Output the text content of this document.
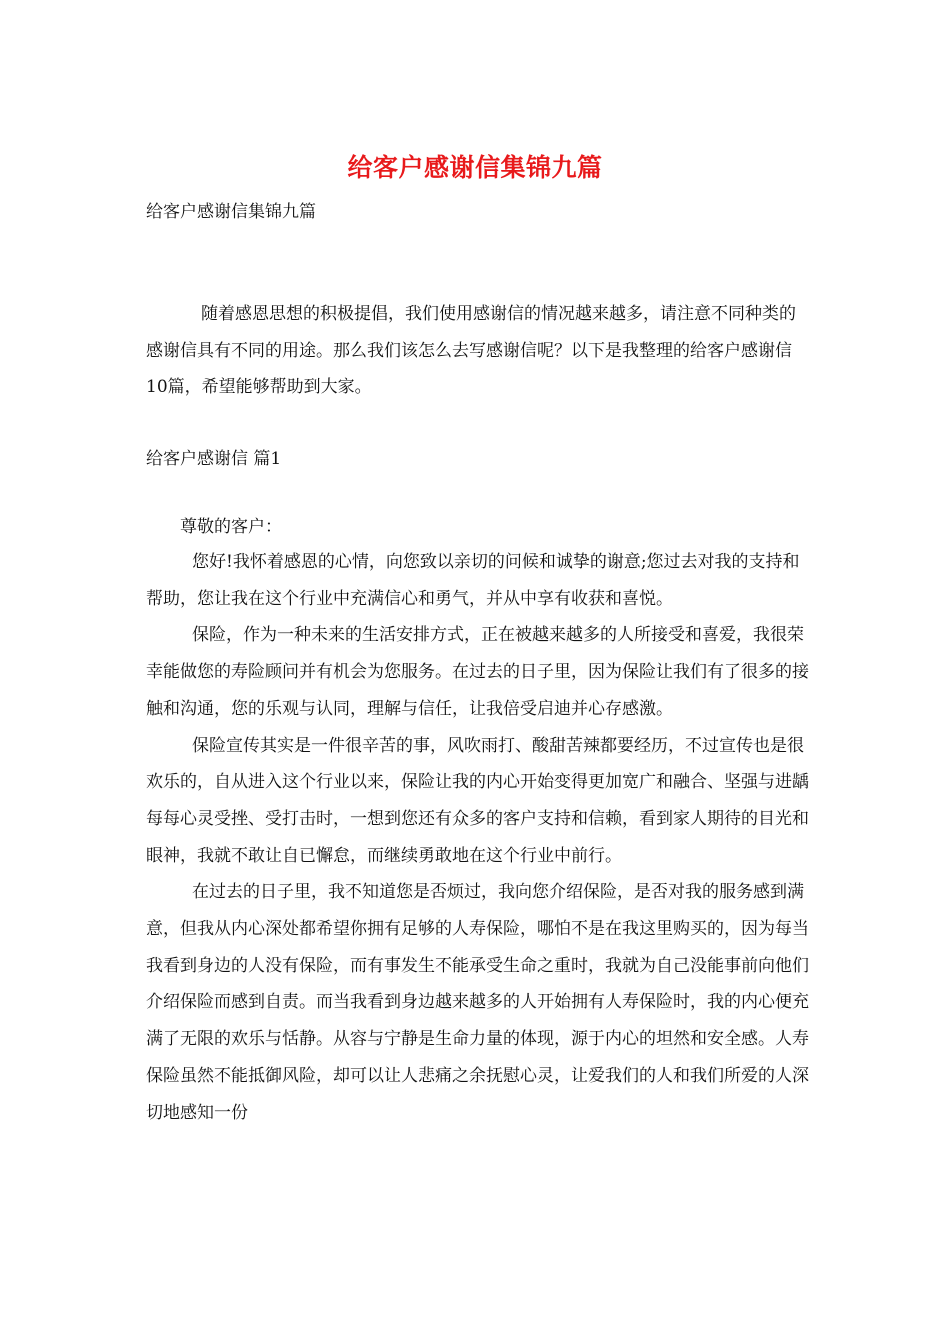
给客户感谢信集锦九篇
给客户感谢信集锦九篇
随着感恩思想的积极提倡，我们使用感谢信的情况越来越多，请注意不同种类的感谢信具有不同的用途。那么我们该怎么去写感谢信呢？以下是我整理的给客户感谢信10篇，希望能够帮助到大家。
给客户感谢信 篇1
尊敬的客户：

您好!我怀着感恩的心情，向您致以亲切的问候和诚挚的谢意;您过去对我的支持和帮助，您让我在这个行业中充满信心和勇气，并从中享有收获和喜悦。

保险，作为一种未来的生活安排方式，正在被越来越多的人所接受和喜爱，我很荣幸能做您的寿险顾问并有机会为您服务。在过去的日子里，因为保险让我们有了很多的接触和沟通，您的乐观与认同，理解与信任，让我倍受启迪并心存感激。

保险宣传其实是一件很辛苦的事，风吹雨打、酸甜苦辣都要经历，不过宣传也是很欢乐的，自从进入这个行业以来，保险让我的内心开始变得更加宽广和融合、坚强与进龋每每心灵受挫、受打击时，一想到您还有众多的客户支持和信赖，看到家人期待的目光和眼神，我就不敢让自已懈怠，而继续勇敢地在这个行业中前行。

在过去的日子里，我不知道您是否烦过，我向您介绍保险，是否对我的服务感到满意，但我从内心深处都希望你拥有足够的人寿保险，哪怕不是在我这里购买的，因为每当我看到身边的人没有保险，而有事发生不能承受生命之重时，我就为自己没能事前向他们介绍保险而感到自责。而当我看到身边越来越多的人开始拥有人寿保险时，我的内心便充满了无限的欢乐与恬静。从容与宁静是生命力量的体现，源于内心的坦然和安全感。人寿保险虽然不能抵御风险，却可以让人悲痛之余抚慰心灵，让爱我们的人和我们所爱的人深切地感知一份
